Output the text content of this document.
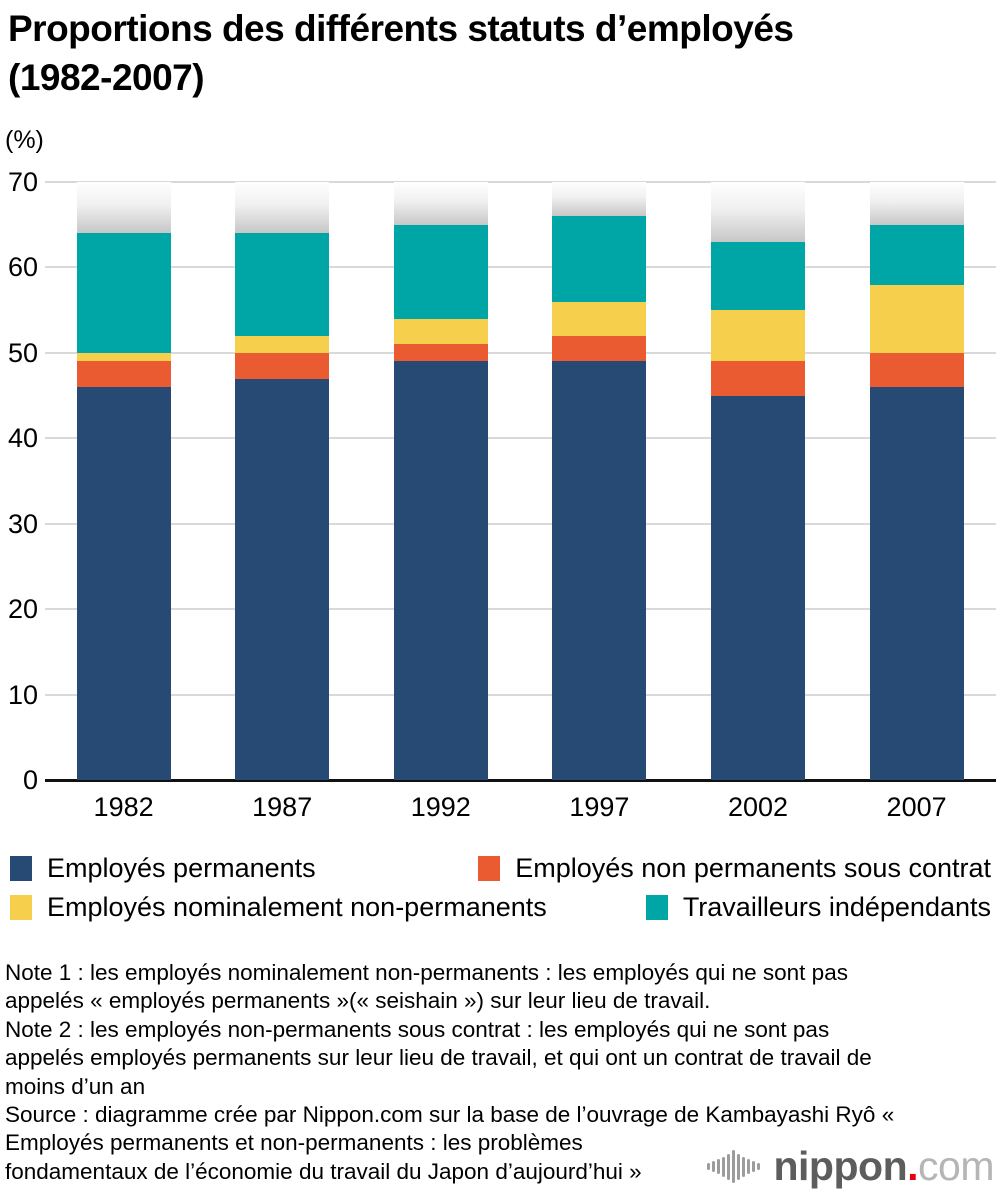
Proportions des différents statuts d’employés
(1982-2007)
(%)
0
10
20
30
40
50
60
70
1982	1987	1992	1997	2002	2007
Employés permanents	Employés non permanents sous contrat
Employés nominalement non-permanents	Travailleurs indépendants
Note 1 : les employés nominalement non-permanents : les employés qui ne sont pas
appelés « employés permanents »(« seishain ») sur leur lieu de travail.
Note 2 : les employés non-permanents sous contrat : les employés qui ne sont pas
appelés employés permanents sur leur lieu de travail, et qui ont un contrat de travail de
moins d’un an
Source : diagramme crée par Nippon.com sur la base de l’ouvrage de Kambayashi Ryô «
Employés permanents et non-permanents : les problèmes
fondamentaux de l’économie du travail du Japon d’aujourd’hui »	nippon.com
